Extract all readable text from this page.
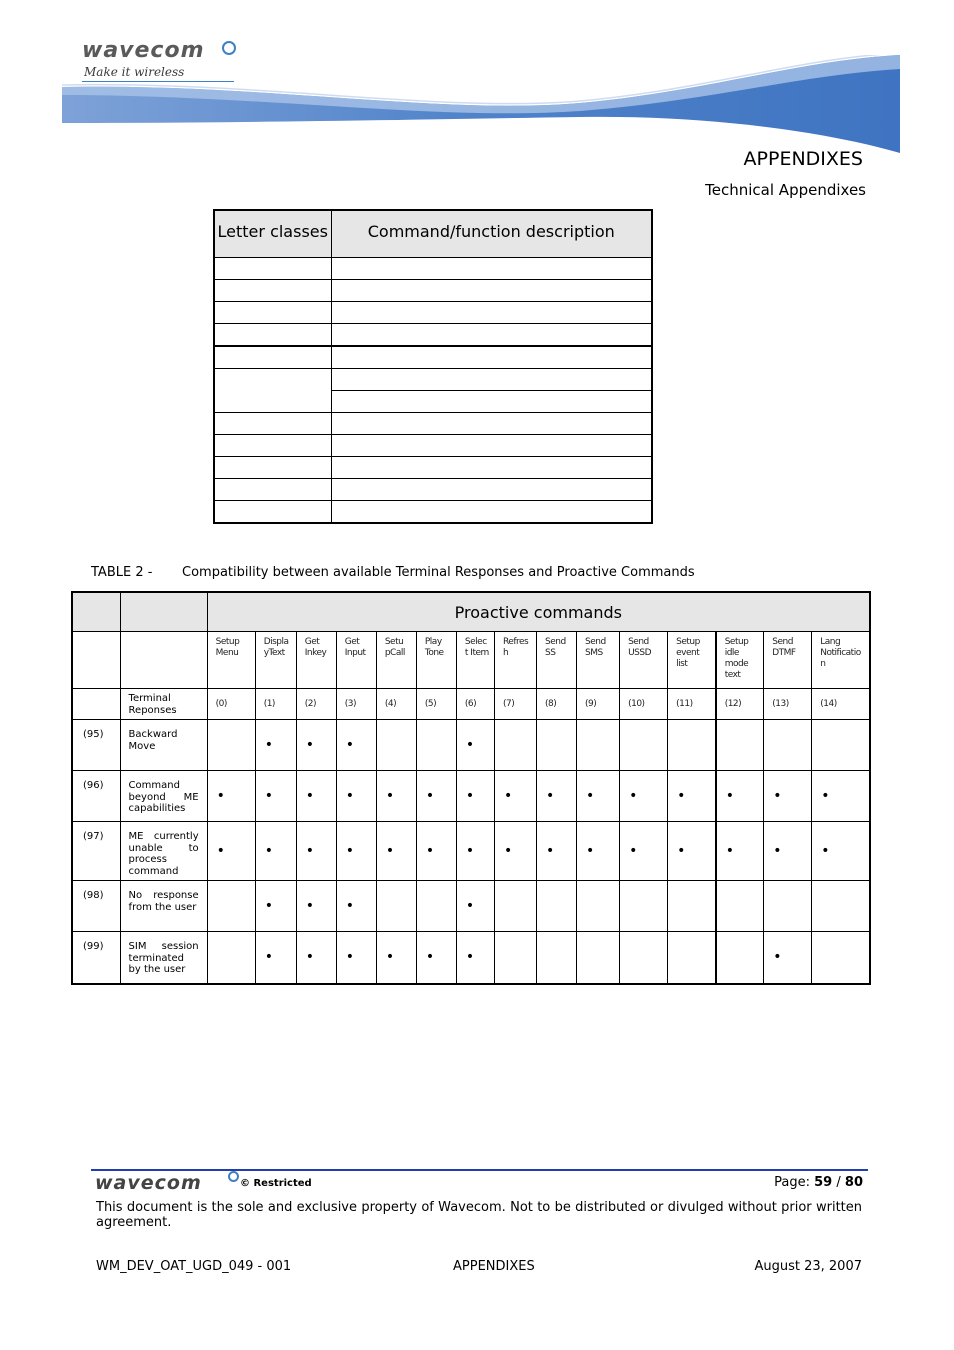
wavecom
Make it wireless
APPENDIXES
Technical Appendixes
Letter classes	Command/function description

TABLE 2 - Compatibility between available Terminal Responses and Proactive Commands
		Proactive commands														
		Setup Menu	Displa yText	Get Inkey	Get Input	Setu pCall	Play Tone	Selec t Item	Refres h	Send SS	Send SMS	Send USSD	Setup event list	Setup idle mode text	Send DTMF	Lang Notificatio n
	Terminal Reponses	(0)	(1)	(2)	(3)	(4)	(5)	(6)	(7)	(8)	(9)	(10)	(11)	(12)	(13)	(14)
(95)	Backward Move		•	•	•			•								
(96)	Command beyond ME capabilities	•	•	•	•	•	•	•	•	•	•	•	•	•	•	•
(97)	ME currently unable to process command	•	•	•	•	•	•	•	•	•	•	•	•	•	•	•
(98)	No response from the user		•	•	•			•								
(99)	SIM session terminated by the user		•	•	•	•	•	•							•	
wavecom	© Restricted	Page: 59 / 80
This document is the sole and exclusive property of Wavecom. Not to be distributed or divulged without prior written agreement.
WM_DEV_OAT_UGD_049 - 001	APPENDIXES	August 23, 2007
